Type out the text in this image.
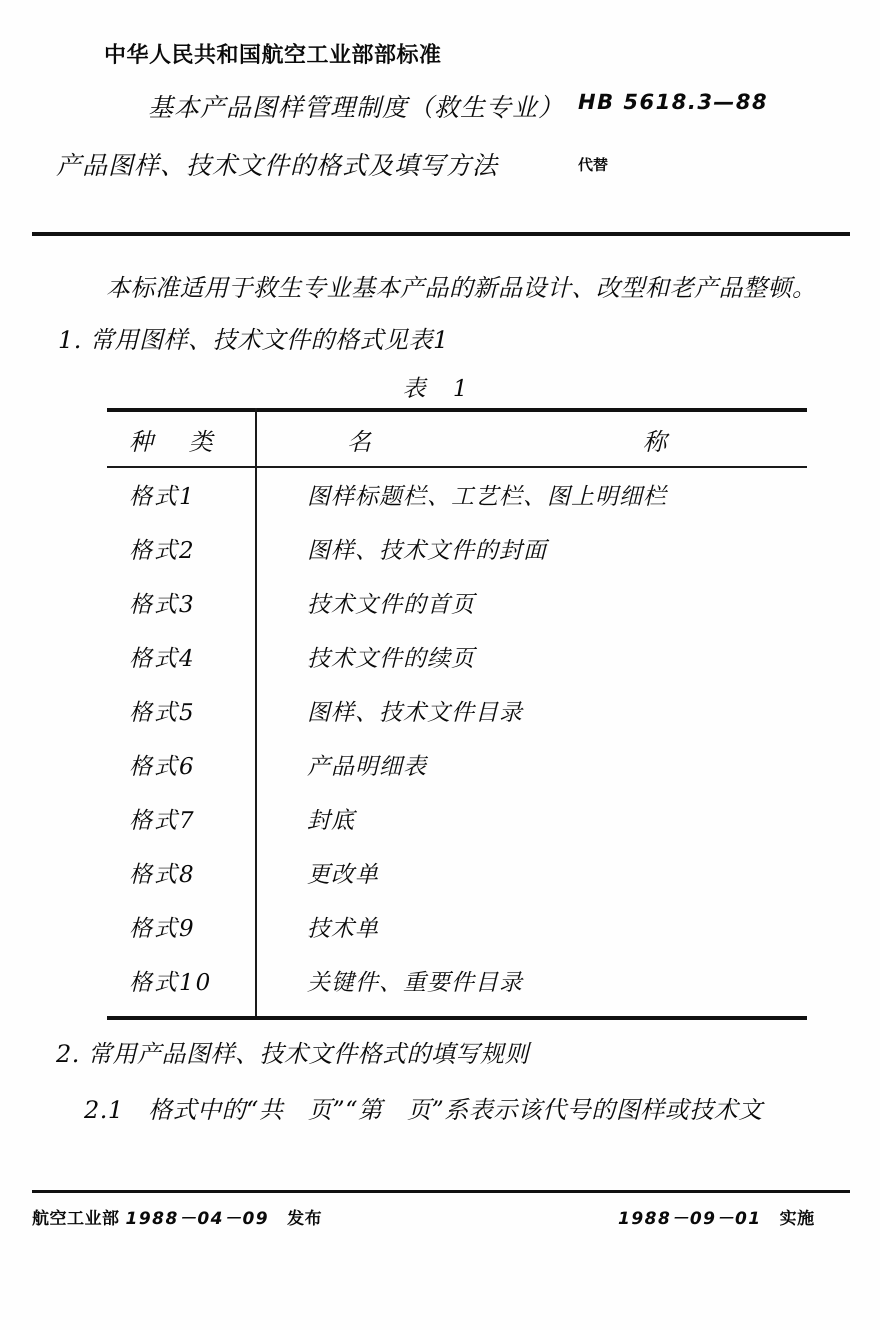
中华人民共和国航空工业部部标准
基本产品图样管理制度（救生专业） HB 5618.3—88
产品图样、技术文件的格式及填写方法	代替
本标准适用于救生专业基本产品的新品设计、改型和老产品整顿。
1. 常用图样、技术文件的格式见表1
表 1
种 类	名 称
格式1	图样标题栏、工艺栏、图上明细栏
格式2	图样、技术文件的封面
格式3	技术文件的首页
格式4	技术文件的续页
格式5	图样、技术文件目录
格式6	产品明细表
格式7	封底
格式8	更改单
格式9	技术单
格式10	关键件、重要件目录
2. 常用产品图样、技术文件格式的填写规则
2.1　格式中的“共　页”“第　页”系表示该代号的图样或技术文
航空工业部 1988－04－09 发布	1988－09－01 实施
